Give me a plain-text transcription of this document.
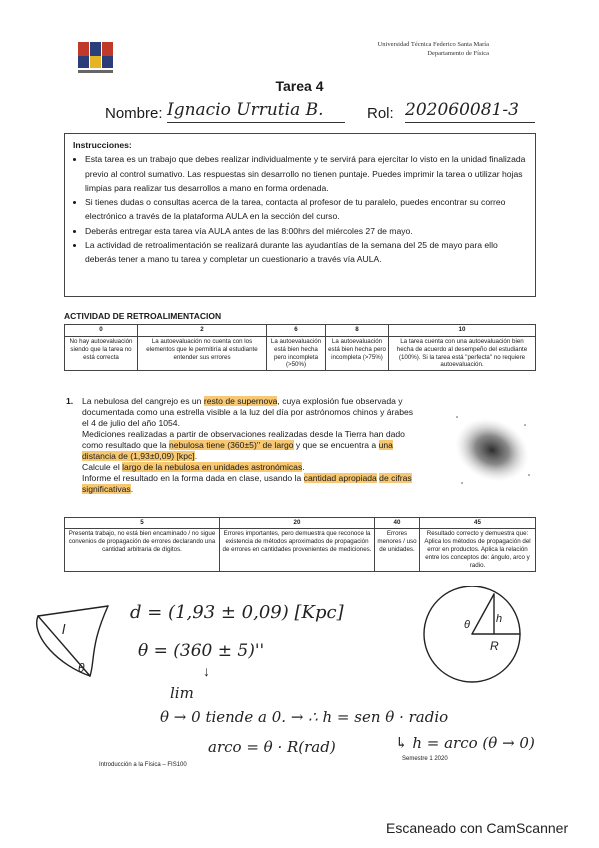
Universidad Técnica Federico Santa María
Departamento de Física
Tarea 4
Nombre: Ignacio Urrutia B.	Rol: 202060081-3
Instrucciones:
• Esta tarea es un trabajo que debes realizar individualmente y te servirá para ejercitar lo visto en la unidad finalizada previo al control sumativo. Las respuestas sin desarrollo no tienen puntaje. Puedes imprimir la tarea o utilizar hojas limpias para realizar tus desarrollos a mano en forma ordenada.
• Si tienes dudas o consultas acerca de la tarea, contacta al profesor de tu paralelo, puedes encontrar su correo electrónico a través de la plataforma AULA en la sección del curso.
• Deberás entregar esta tarea vía AULA antes de las 8:00hrs del miércoles 27 de mayo.
• La actividad de retroalimentación se realizará durante las ayudantías de la semana del 25 de mayo para ello deberás tener a mano tu tarea y completar un cuestionario a través vía AULA.
ACTIVIDAD DE RETROALIMENTACION
0	2	6	8	10
No hay autoevaluación siendo que la tarea no está correcta	La autoevaluación no cuenta con los elementos que le permitiría al estudiante entender sus errores	La autoevaluación está bien hecha pero incompleta (>50%)	La autoevaluación está bien hecha pero incompleta (>75%)	La tarea cuenta con una autoevaluación bien hecha de acuerdo al desempeño del estudiante (100%). Si la tarea está "perfecta" no requiere autoevaluación.
1.	La nebulosa del cangrejo es un resto de supernova, cuya explosión fue observada y documentada como una estrella visible a la luz del día por astrónomos chinos y árabes el 4 de julio del año 1054.
Mediciones realizadas a partir de observaciones realizadas desde la Tierra han dado como resultado que la nebulosa tiene (360±5)'' de largo y que se encuentra a una distancia de (1,93±0,09) [kpc].
Calcule el largo de la nebulosa en unidades astronómicas.
Informe el resultado en la forma dada en clase, usando la cantidad apropiada de cifras significativas.
5	20	40	45
Presenta trabajo, no está bien encaminado / no sigue convenios de propagación de errores declarando una cantidad arbitraria de dígitos.	Errores importantes, pero demuestra que reconoce la existencia de métodos aproximados de propagación de errores en cantidades provenientes de mediciones.	Errores menores / uso de unidades.	Resultado correcto y demuestra que: Aplica los métodos de propagación del error en productos. Aplica la relación entre los conceptos de: ángulo, arco y radio.
l
θ
θ h
R
d = (1,93 ± 0,09) [Kpc]
θ = (360 ± 5)''
↓
lim
θ → 0 tiende a 0. → ∴ h = sen θ · radio
arco = θ · R(rad)	↳ h = arco (θ → 0)
Introducción a la Física – FIS100
Semestre 1 2020
Escaneado con CamScanner
